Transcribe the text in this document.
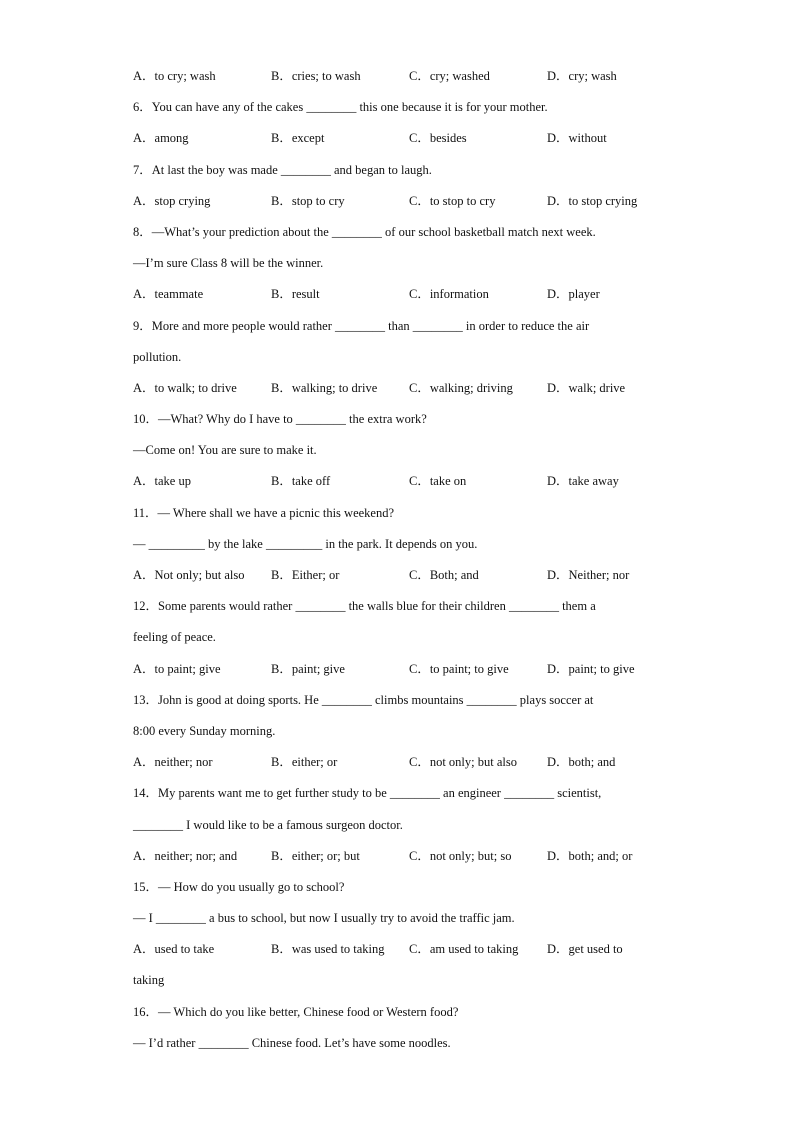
A．to cry; wash	B．cries; to wash	C．cry; washed	D．cry; wash
6．You can have any of the cakes ________ this one because it is for your mother.
A．among	B．except	C．besides	D．without
7．At last the boy was made ________ and began to laugh.
A．stop crying	B．stop to cry	C．to stop to cry	D．to stop crying
8．—What’s your prediction about the ________ of our school basketball match next week.
—I’m sure Class 8 will be the winner.
A．teammate	B．result	C．information	D．player
9．More and more people would rather ________ than ________ in order to reduce the air
pollution.
A．to walk; to drive	B．walking; to drive	C．walking; driving	D．walk; drive
10．—What? Why do I have to ________ the extra work?
—Come on! You are sure to make it.
A．take up	B．take off	C．take on	D．take away
11．— Where shall we have a picnic this weekend?
— _________ by the lake _________ in the park. It depends on you.
A．Not only; but also	B．Either; or	C．Both; and	D．Neither; nor
12．Some parents would rather ________ the walls blue for their children ________ them a
feeling of peace.
A．to paint; give	B．paint; give	C．to paint; to give	D．paint; to give
13．John is good at doing sports. He ________ climbs mountains ________ plays soccer at
8:00 every Sunday morning.
A．neither; nor	B．either; or	C．not only; but also	D．both; and
14．My parents want me to get further study to be ________ an engineer ________ scientist,
________ I would like to be a famous surgeon doctor.
A．neither; nor; and	B．either; or; but	C．not only; but; so	D．both; and; or
15．— How do you usually go to school?
— I ________ a bus to school, but now I usually try to avoid the traffic jam.
A．used to take	B．was used to taking	C．am used to taking	D．get used to
taking
16．— Which do you like better, Chinese food or Western food?
— I’d rather ________ Chinese food. Let’s have some noodles.
